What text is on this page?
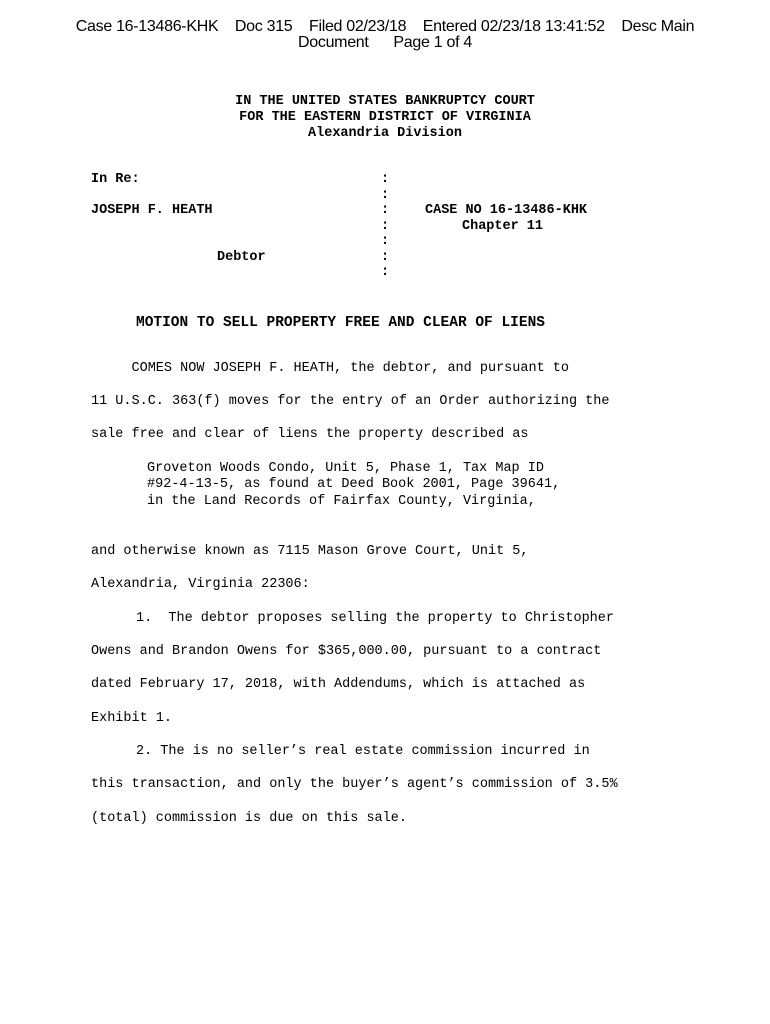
Case 16-13486-KHK    Doc 315    Filed 02/23/18    Entered 02/23/18 13:41:52    Desc Main
Document      Page 1 of 4
IN THE UNITED STATES BANKRUPTCY COURT
FOR THE EASTERN DISTRICT OF VIRGINIA
Alexandria Division
In Re:
JOSEPH F. HEATH
Debtor
:
:
:
:
:
:
:
CASE NO 16-13486-KHK
Chapter 11
MOTION TO SELL PROPERTY FREE AND CLEAR OF LIENS
COMES NOW JOSEPH F. HEATH, the debtor, and pursuant to
11 U.S.C. 363(f) moves for the entry of an Order authorizing the
sale free and clear of liens the property described as
Groveton Woods Condo, Unit 5, Phase 1, Tax Map ID
#92-4-13-5, as found at Deed Book 2001, Page 39641,
in the Land Records of Fairfax County, Virginia,
and otherwise known as 7115 Mason Grove Court, Unit 5,
Alexandria, Virginia 22306:
1.  The debtor proposes selling the property to Christopher
Owens and Brandon Owens for $365,000.00, pursuant to a contract
dated February 17, 2018, with Addendums, which is attached as
Exhibit 1.
2. The is no seller’s real estate commission incurred in
this transaction, and only the buyer’s agent’s commission of 3.5%
(total) commission is due on this sale.
